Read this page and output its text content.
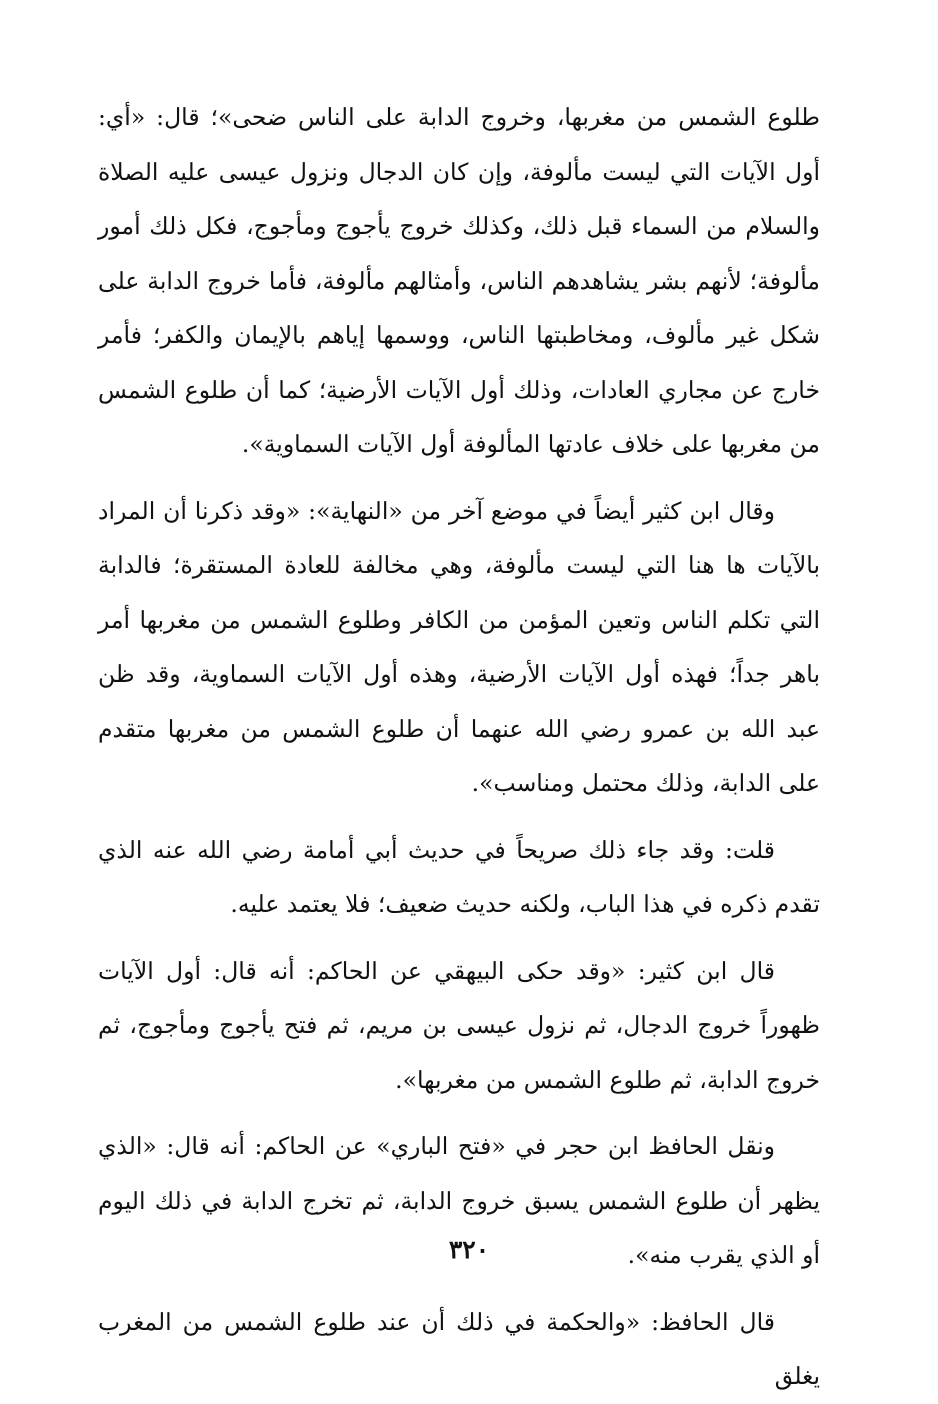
طلوع الشمس من مغربها، وخروج الدابة على الناس ضحى»؛ قال: «أي: أول الآيات التي ليست مألوفة، وإن كان الدجال ونزول عيسى عليه الصلاة والسلام من السماء قبل ذلك، وكذلك خروج يأجوج ومأجوج، فكل ذلك أمور مألوفة؛ لأنهم بشر يشاهدهم الناس، وأمثالهم مألوفة، فأما خروج الدابة على شكل غير مألوف، ومخاطبتها الناس، ووسمها إياهم بالإيمان والكفر؛ فأمر خارج عن مجاري العادات، وذلك أول الآيات الأرضية؛ كما أن طلوع الشمس من مغربها على خلاف عادتها المألوفة أول الآيات السماوية».

وقال ابن كثير أيضاً في موضع آخر من «النهاية»: «وقد ذكرنا أن المراد بالآيات ها هنا التي ليست مألوفة، وهي مخالفة للعادة المستقرة؛ فالدابة التي تكلم الناس وتعين المؤمن من الكافر وطلوع الشمس من مغربها أمر باهر جداً؛ فهذه أول الآيات الأرضية، وهذه أول الآيات السماوية، وقد ظن عبد الله بن عمرو رضي الله عنهما أن طلوع الشمس من مغربها متقدم على الدابة، وذلك محتمل ومناسب».

قلت: وقد جاء ذلك صريحاً في حديث أبي أمامة رضي الله عنه الذي تقدم ذكره في هذا الباب، ولكنه حديث ضعيف؛ فلا يعتمد عليه.

قال ابن كثير: «وقد حكى البيهقي عن الحاكم: أنه قال: أول الآيات ظهوراً خروج الدجال، ثم نزول عيسى بن مريم، ثم فتح يأجوج ومأجوج، ثم خروج الدابة، ثم طلوع الشمس من مغربها».

ونقل الحافظ ابن حجر في «فتح الباري» عن الحاكم: أنه قال: «الذي يظهر أن طلوع الشمس يسبق خروج الدابة، ثم تخرج الدابة في ذلك اليوم أو الذي يقرب منه».

قال الحافظ: «والحكمة في ذلك أن عند طلوع الشمس من المغرب يغلق

٣٢٠
